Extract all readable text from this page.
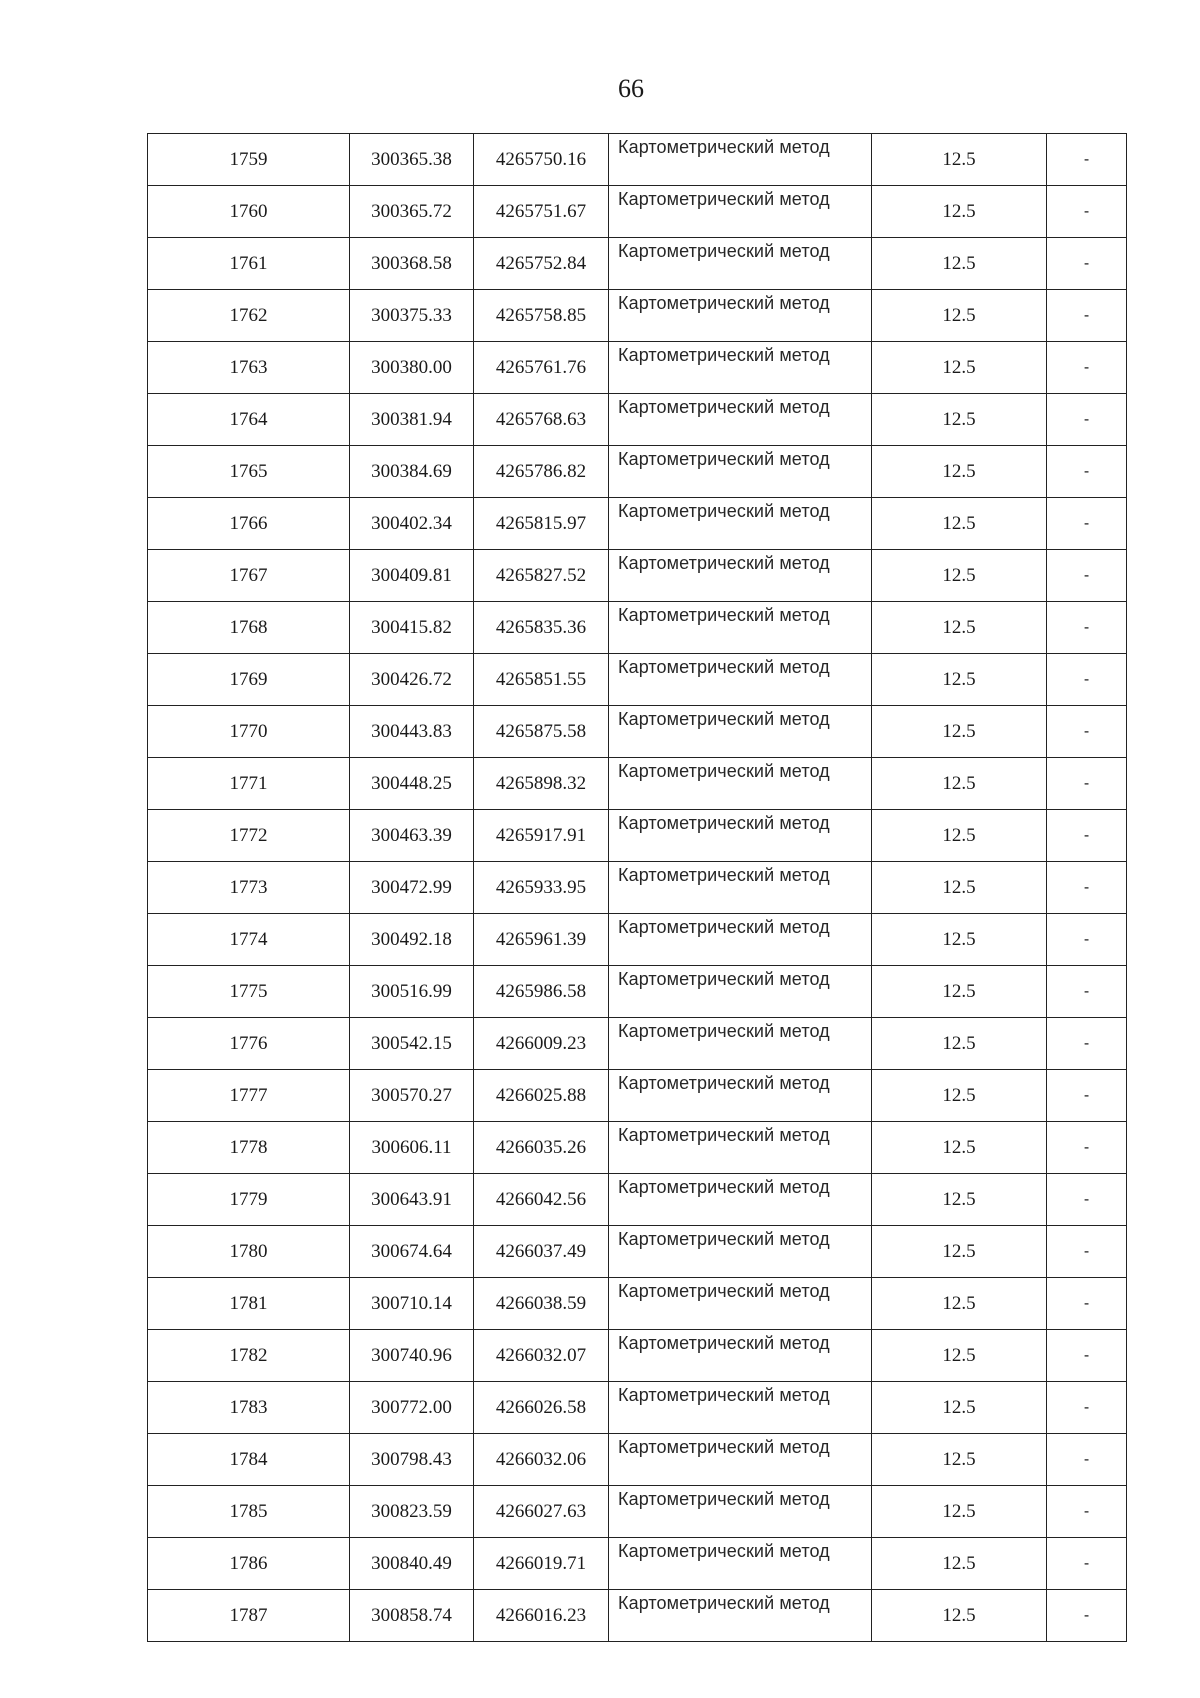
66
1759	300365.38	4265750.16	Картометрический метод	12.5	-
1760	300365.72	4265751.67	Картометрический метод	12.5	-
1761	300368.58	4265752.84	Картометрический метод	12.5	-
1762	300375.33	4265758.85	Картометрический метод	12.5	-
1763	300380.00	4265761.76	Картометрический метод	12.5	-
1764	300381.94	4265768.63	Картометрический метод	12.5	-
1765	300384.69	4265786.82	Картометрический метод	12.5	-
1766	300402.34	4265815.97	Картометрический метод	12.5	-
1767	300409.81	4265827.52	Картометрический метод	12.5	-
1768	300415.82	4265835.36	Картометрический метод	12.5	-
1769	300426.72	4265851.55	Картометрический метод	12.5	-
1770	300443.83	4265875.58	Картометрический метод	12.5	-
1771	300448.25	4265898.32	Картометрический метод	12.5	-
1772	300463.39	4265917.91	Картометрический метод	12.5	-
1773	300472.99	4265933.95	Картометрический метод	12.5	-
1774	300492.18	4265961.39	Картометрический метод	12.5	-
1775	300516.99	4265986.58	Картометрический метод	12.5	-
1776	300542.15	4266009.23	Картометрический метод	12.5	-
1777	300570.27	4266025.88	Картометрический метод	12.5	-
1778	300606.11	4266035.26	Картометрический метод	12.5	-
1779	300643.91	4266042.56	Картометрический метод	12.5	-
1780	300674.64	4266037.49	Картометрический метод	12.5	-
1781	300710.14	4266038.59	Картометрический метод	12.5	-
1782	300740.96	4266032.07	Картометрический метод	12.5	-
1783	300772.00	4266026.58	Картометрический метод	12.5	-
1784	300798.43	4266032.06	Картометрический метод	12.5	-
1785	300823.59	4266027.63	Картометрический метод	12.5	-
1786	300840.49	4266019.71	Картометрический метод	12.5	-
1787	300858.74	4266016.23	Картометрический метод	12.5	-
